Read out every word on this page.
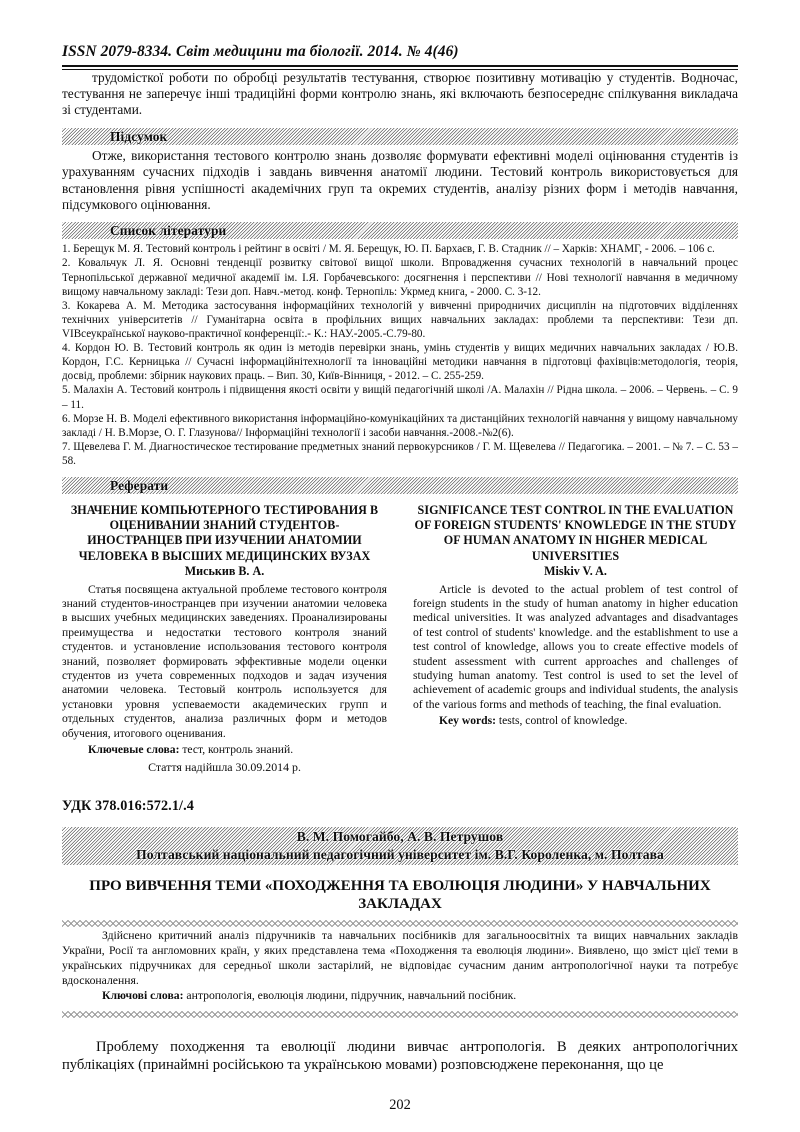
ISSN 2079-8334. Світ медицини та біології. 2014. № 4(46)

трудомісткої роботи по обробці результатів тестування, створює позитивну мотивацію у студентів. Водночас, тестування не заперечує інші традиційні форми контролю знань, які включають безпосереднє спілкування викладача зі студентами.

Підсумок

Отже, використання тестового контролю знань дозволяє формувати ефективні моделі оцінювання студентів із урахуванням сучасних підходів і завдань вивчення анатомії людини. Тестовий контроль використовується для встановлення рівня успішності академічних груп та окремих студентів, аналізу різних форм і методів навчання, підсумкового оцінювання.

Список літератури

1. Берещук М. Я. Тестовий контроль і рейтинг в освіті / М. Я. Берещук, Ю. П. Бархаєв, Г. В. Стадник // – Харків: ХНАМГ, - 2006. – 106 с.

2. Ковальчук Л. Я. Основні тенденції розвитку світової вищої школи. Впровадження сучасних технологій в навчальний процес Тернопільської державної медичної академії ім. І.Я. Горбачевського: досягнення і перспективи // Нові технології навчання в медичному вищому навчальному закладі: Тези доп. Навч.-метод. конф. Тернопіль: Укрмед книга, - 2000. С. 3-12.

3. Кокарева А. М. Методика застосування інформаційних технологій у вивченні природничих дисциплін на підготовчих відділеннях технічних університетів // Гуманітарна освіта в профільних вищих навчальних закладах: проблеми та перспективи: Тези дп. VIВсеукраїнської науково-практичної конференції:.- К.: НАУ.-2005.-С.79-80.

4. Кордон Ю. В. Тестовий контроль як один із методів перевірки знань, умінь студентів у вищих медичних навчальних закладах / Ю.В. Кордон, Г.С. Керницька // Сучасні інформаційнітехнології та інноваційні методики навчання в підготовці фахівців:методологія, теорія, досвід, проблеми: збірник наукових праць. – Вип. 30, Київ-Вінниця, - 2012. – С. 255-259.

5. Малахін А. Тестовий контроль і підвищення якості освіти у вищій педагогічній школі /А. Малахін // Рідна школа. – 2006. – Червень. – С. 9 – 11.

6. Морзе Н. В. Моделі ефективного використання інформаційно-комунікаційних та дистанційних технологій навчання у вищому навчальному закладі / Н. В.Морзе, О. Г. Глазунова// Інформаційні технології і засоби навчання.-2008.-№2(6).

7. Щевелева Г. М. Диагностическое тестирование предметных знаний первокурсников / Г. М. Щевелева // Педагогика. – 2001. – № 7. – С. 53 – 58.

Реферати
ЗНАЧЕНИЕ КОМПЬЮТЕРНОГО ТЕСТИРОВАНИЯ В ОЦЕНИВАНИИ ЗНАНИЙ СТУДЕНТОВ-ИНОСТРАНЦЕВ ПРИ ИЗУЧЕНИИ АНАТОМИИ ЧЕЛОВЕКА В ВЫСШИХ МЕДИЦИНСКИХ ВУЗАХ
Миськив В. А.

Статья посвящена актуальной проблеме тестового контроля знаний студентов-иностранцев при изучении анатомии человека в высших учебных медицинских заведениях. Проанализированы преимущества и недостатки тестового контроля знаний студентов. и установление использования тестового контроля знаний, позволяет формировать эффективные модели оценки студентов из учета современных подходов и задач изучения анатомии человека. Тестовый контроль используется для установки уровня успеваемости академических групп и отдельных студентов, анализа различных форм и методов обучения, итогового оценивания.

Ключевые слова: тест, контроль знаний.

Стаття надійшла 30.09.2014 р.
SIGNIFICANCE TEST CONTROL IN THE EVALUATION OF FOREIGN STUDENTS' KNOWLEDGE IN THE STUDY OF HUMAN ANATOMY IN HIGHER MEDICAL UNIVERSITIES
Miskiv V. A.

Article is devoted to the actual problem of test control of foreign students in the study of human anatomy in higher education medical universities. It was analyzed advantages and disadvantages of test control of students' knowledge. and the establishment to use a test control of knowledge, allows you to create effective models of student assessment with current approaches and challenges of studying human anatomy. Test control is used to set the level of achievement of academic groups and individual students, the analysis of the various forms and methods of teaching, the final evaluation.

Key words: tests, control of knowledge.

УДК 378.016:572.1/.4
В. М. Помогайбо, А. В. Петрушов
Полтавський національний педагогічний університет ім. В.Г. Короленка, м. Полтава
ПРО ВИВЧЕННЯ ТЕМИ «ПОХОДЖЕННЯ ТА ЕВОЛЮЦІЯ ЛЮДИНИ» У НАВЧАЛЬНИХ ЗАКЛАДАХ

Здійснено критичний аналіз підручників та навчальних посібників для загальноосвітніх та вищих навчальних закладів України, Росії та англомовних країн, у яких представлена тема «Походження та еволюція людини». Виявлено, що зміст цієї теми в українських підручниках для середньої школи застарілий, не відповідає сучасним даним антропологічної науки та потребує вдосконалення.

Ключові слова: антропологія, еволюція людини, підручник, навчальний посібник.

Проблему походження та еволюції людини вивчає антропологія. В деяких антропологічних публікаціях (принаймні російською та українською мовами) розповсюджене переконання, що це

202
